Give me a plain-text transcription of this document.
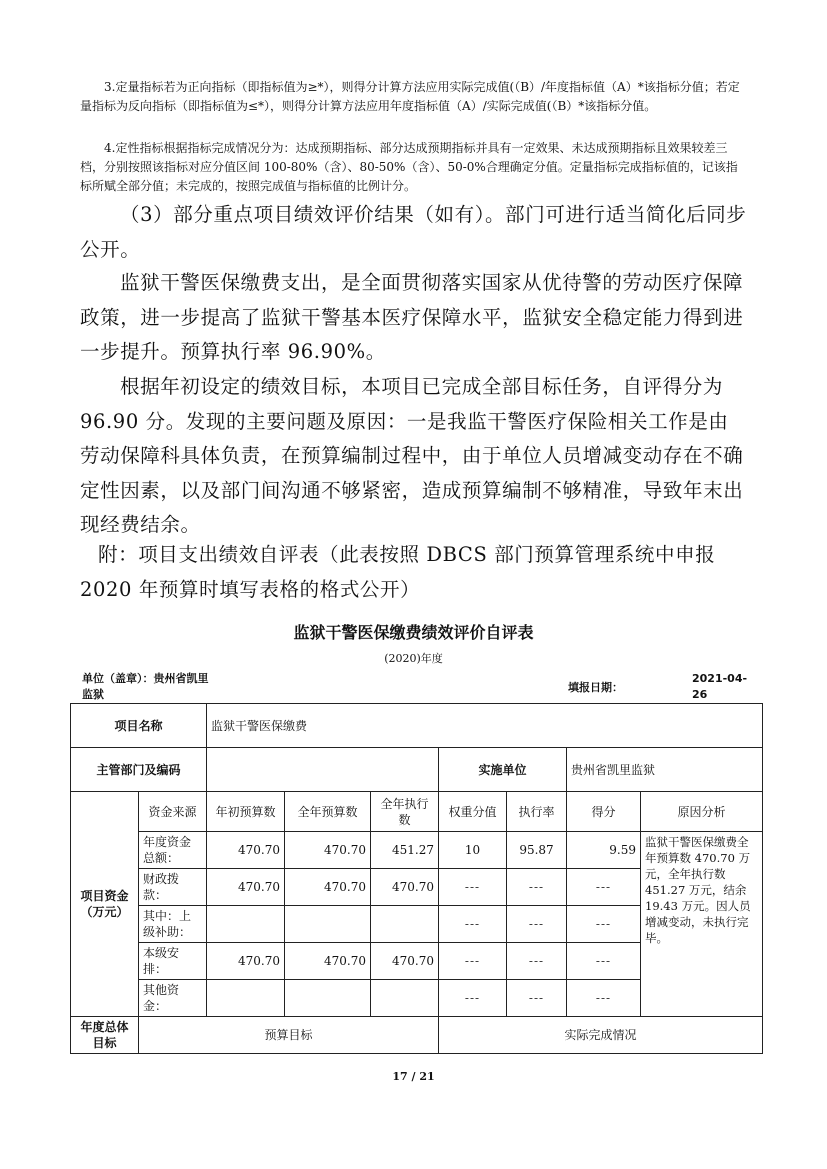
3.定量指标若为正向指标（即指标值为≥*），则得分计算方法应用实际完成值(（B）/年度指标值（A）*该指标分值；若定量指标为反向指标（即指标值为≤*），则得分计算方法应用年度指标值（A）/实际完成值(（B）*该指标分值。
4.定性指标根据指标完成情况分为：达成预期指标、部分达成预期指标并具有一定效果、未达成预期指标且效果较差三档，分别按照该指标对应分值区间 100-80%（含）、80-50%（含）、50-0%合理确定分值。定量指标完成指标值的，记该指标所赋全部分值；未完成的，按照完成值与指标值的比例计分。
（3）部分重点项目绩效评价结果（如有）。部门可进行适当简化后同步公开。
监狱干警医保缴费支出，是全面贯彻落实国家从优待警的劳动医疗保障政策，进一步提高了监狱干警基本医疗保障水平，监狱安全稳定能力得到进一步提升。预算执行率 96.90%。
根据年初设定的绩效目标，本项目已完成全部目标任务，自评得分为 96.90 分。发现的主要问题及原因：一是我监干警医疗保险相关工作是由劳动保障科具体负责，在预算编制过程中，由于单位人员增减变动存在不确定性因素，以及部门间沟通不够紧密，造成预算编制不够精准，导致年末出现经费结余。
附：项目支出绩效自评表（此表按照 DBCS 部门预算管理系统中申报 2020 年预算时填写表格的格式公开）
监狱干警医保缴费绩效评价自评表
(2020)年度
单位（盖章）：贵州省凯里监狱
填报日期：
2021-04-26
项目名称		监狱干警医保缴费						
主管部门及编码					实施单位		贵州省凯里监狱	
项目资金（万元）	资金来源	年初预算数	全年预算数	全年执行数	权重分值	执行率	得分	原因分析
	年度资金总额：	470.70	470.70	451.27	10	95.87	9.59	监狱干警医保缴费全年预算数 470.70 万元，全年执行数 451.27 万元，结余 19.43 万元。因人员增减变动，未执行完毕。
	财政拨款：	470.70	470.70	470.70	---	---	---	
	其中：上级补助：				---	---	---	
	本级安排：	470.70	470.70	470.70	---	---	---	
	其他资金：				---	---	---	
年度总体目标	预算目标				实际完成情况			
17 / 21
